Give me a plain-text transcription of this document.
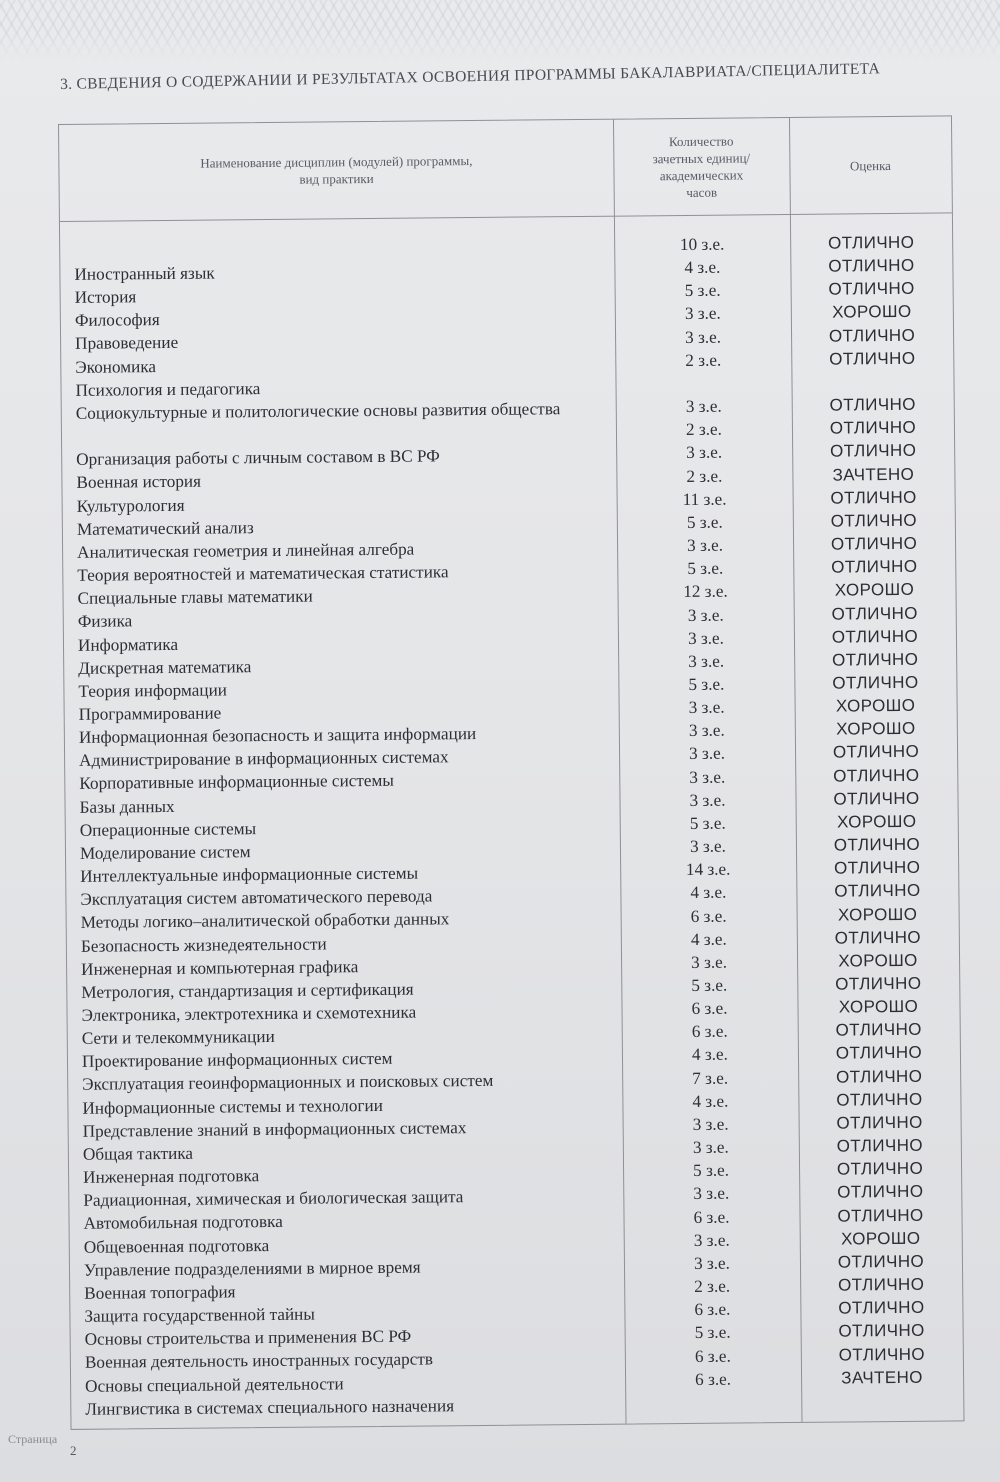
3. СВЕДЕНИЯ О СОДЕРЖАНИИ И РЕЗУЛЬТАТАХ ОСВОЕНИЯ ПРОГРАММЫ БАКАЛАВРИАТА/СПЕЦИАЛИТЕТА
Наименование дисциплин (модулей) программы,
вид практики
Количество
зачетных единиц/
академических
часов
Оценка
Иностранный язык
История
Философия
Правоведение
Экономика
Психология и педагогика
Социокультурные и политологические основы развития общества
Организация работы с личным составом в ВС РФ
Военная история
Культурология
Математический анализ
Аналитическая геометрия и линейная алгебра
Теория вероятностей и математическая статистика
Специальные главы математики
Физика
Информатика
Дискретная математика
Теория информации
Программирование
Информационная безопасность и защита информации
Администрирование в информационных системах
Корпоративные информационные системы
Базы данных
Операционные системы
Моделирование систем
Интеллектуальные информационные системы
Эксплуатация систем автоматического перевода
Методы логико–аналитической обработки данных
Безопасность жизнедеятельности
Инженерная и компьютерная графика
Метрология, стандартизация и сертификация
Электроника, электротехника и схемотехника
Сети и телекоммуникации
Проектирование информационных систем
Эксплуатация геоинформационных и поисковых систем
Информационные системы и технологии
Представление знаний в информационных системах
Общая тактика
Инженерная подготовка
Радиационная, химическая и биологическая защита
Автомобильная подготовка
Общевоенная подготовка
Управление подразделениями в мирное время
Военная топография
Защита государственной тайны
Основы строительства и применения ВС РФ
Военная деятельность иностранных государств
Основы специальной деятельности
Лингвистика в системах специального назначения
10 з.е.
4 з.е.
5 з.е.
3 з.е.
3 з.е.
2 з.е.
3 з.е.
2 з.е.
3 з.е.
2 з.е.
11 з.е.
5 з.е.
3 з.е.
5 з.е.
12 з.е.
3 з.е.
3 з.е.
3 з.е.
5 з.е.
3 з.е.
3 з.е.
3 з.е.
3 з.е.
3 з.е.
5 з.е.
3 з.е.
14 з.е.
4 з.е.
6 з.е.
4 з.е.
3 з.е.
5 з.е.
6 з.е.
6 з.е.
4 з.е.
7 з.е.
4 з.е.
3 з.е.
3 з.е.
5 з.е.
3 з.е.
6 з.е.
3 з.е.
3 з.е.
2 з.е.
6 з.е.
5 з.е.
6 з.е.
6 з.е.
ОТЛИЧНО
ОТЛИЧНО
ОТЛИЧНО
ХОРОШО
ОТЛИЧНО
ОТЛИЧНО
ОТЛИЧНО
ОТЛИЧНО
ОТЛИЧНО
ЗАЧТЕНО
ОТЛИЧНО
ОТЛИЧНО
ОТЛИЧНО
ОТЛИЧНО
ХОРОШО
ОТЛИЧНО
ОТЛИЧНО
ОТЛИЧНО
ОТЛИЧНО
ХОРОШО
ХОРОШО
ОТЛИЧНО
ОТЛИЧНО
ОТЛИЧНО
ХОРОШО
ОТЛИЧНО
ОТЛИЧНО
ОТЛИЧНО
ХОРОШО
ОТЛИЧНО
ХОРОШО
ОТЛИЧНО
ХОРОШО
ОТЛИЧНО
ОТЛИЧНО
ОТЛИЧНО
ОТЛИЧНО
ОТЛИЧНО
ОТЛИЧНО
ОТЛИЧНО
ОТЛИЧНО
ОТЛИЧНО
ХОРОШО
ОТЛИЧНО
ОТЛИЧНО
ОТЛИЧНО
ОТЛИЧНО
ОТЛИЧНО
ЗАЧТЕНО
Страница
2
